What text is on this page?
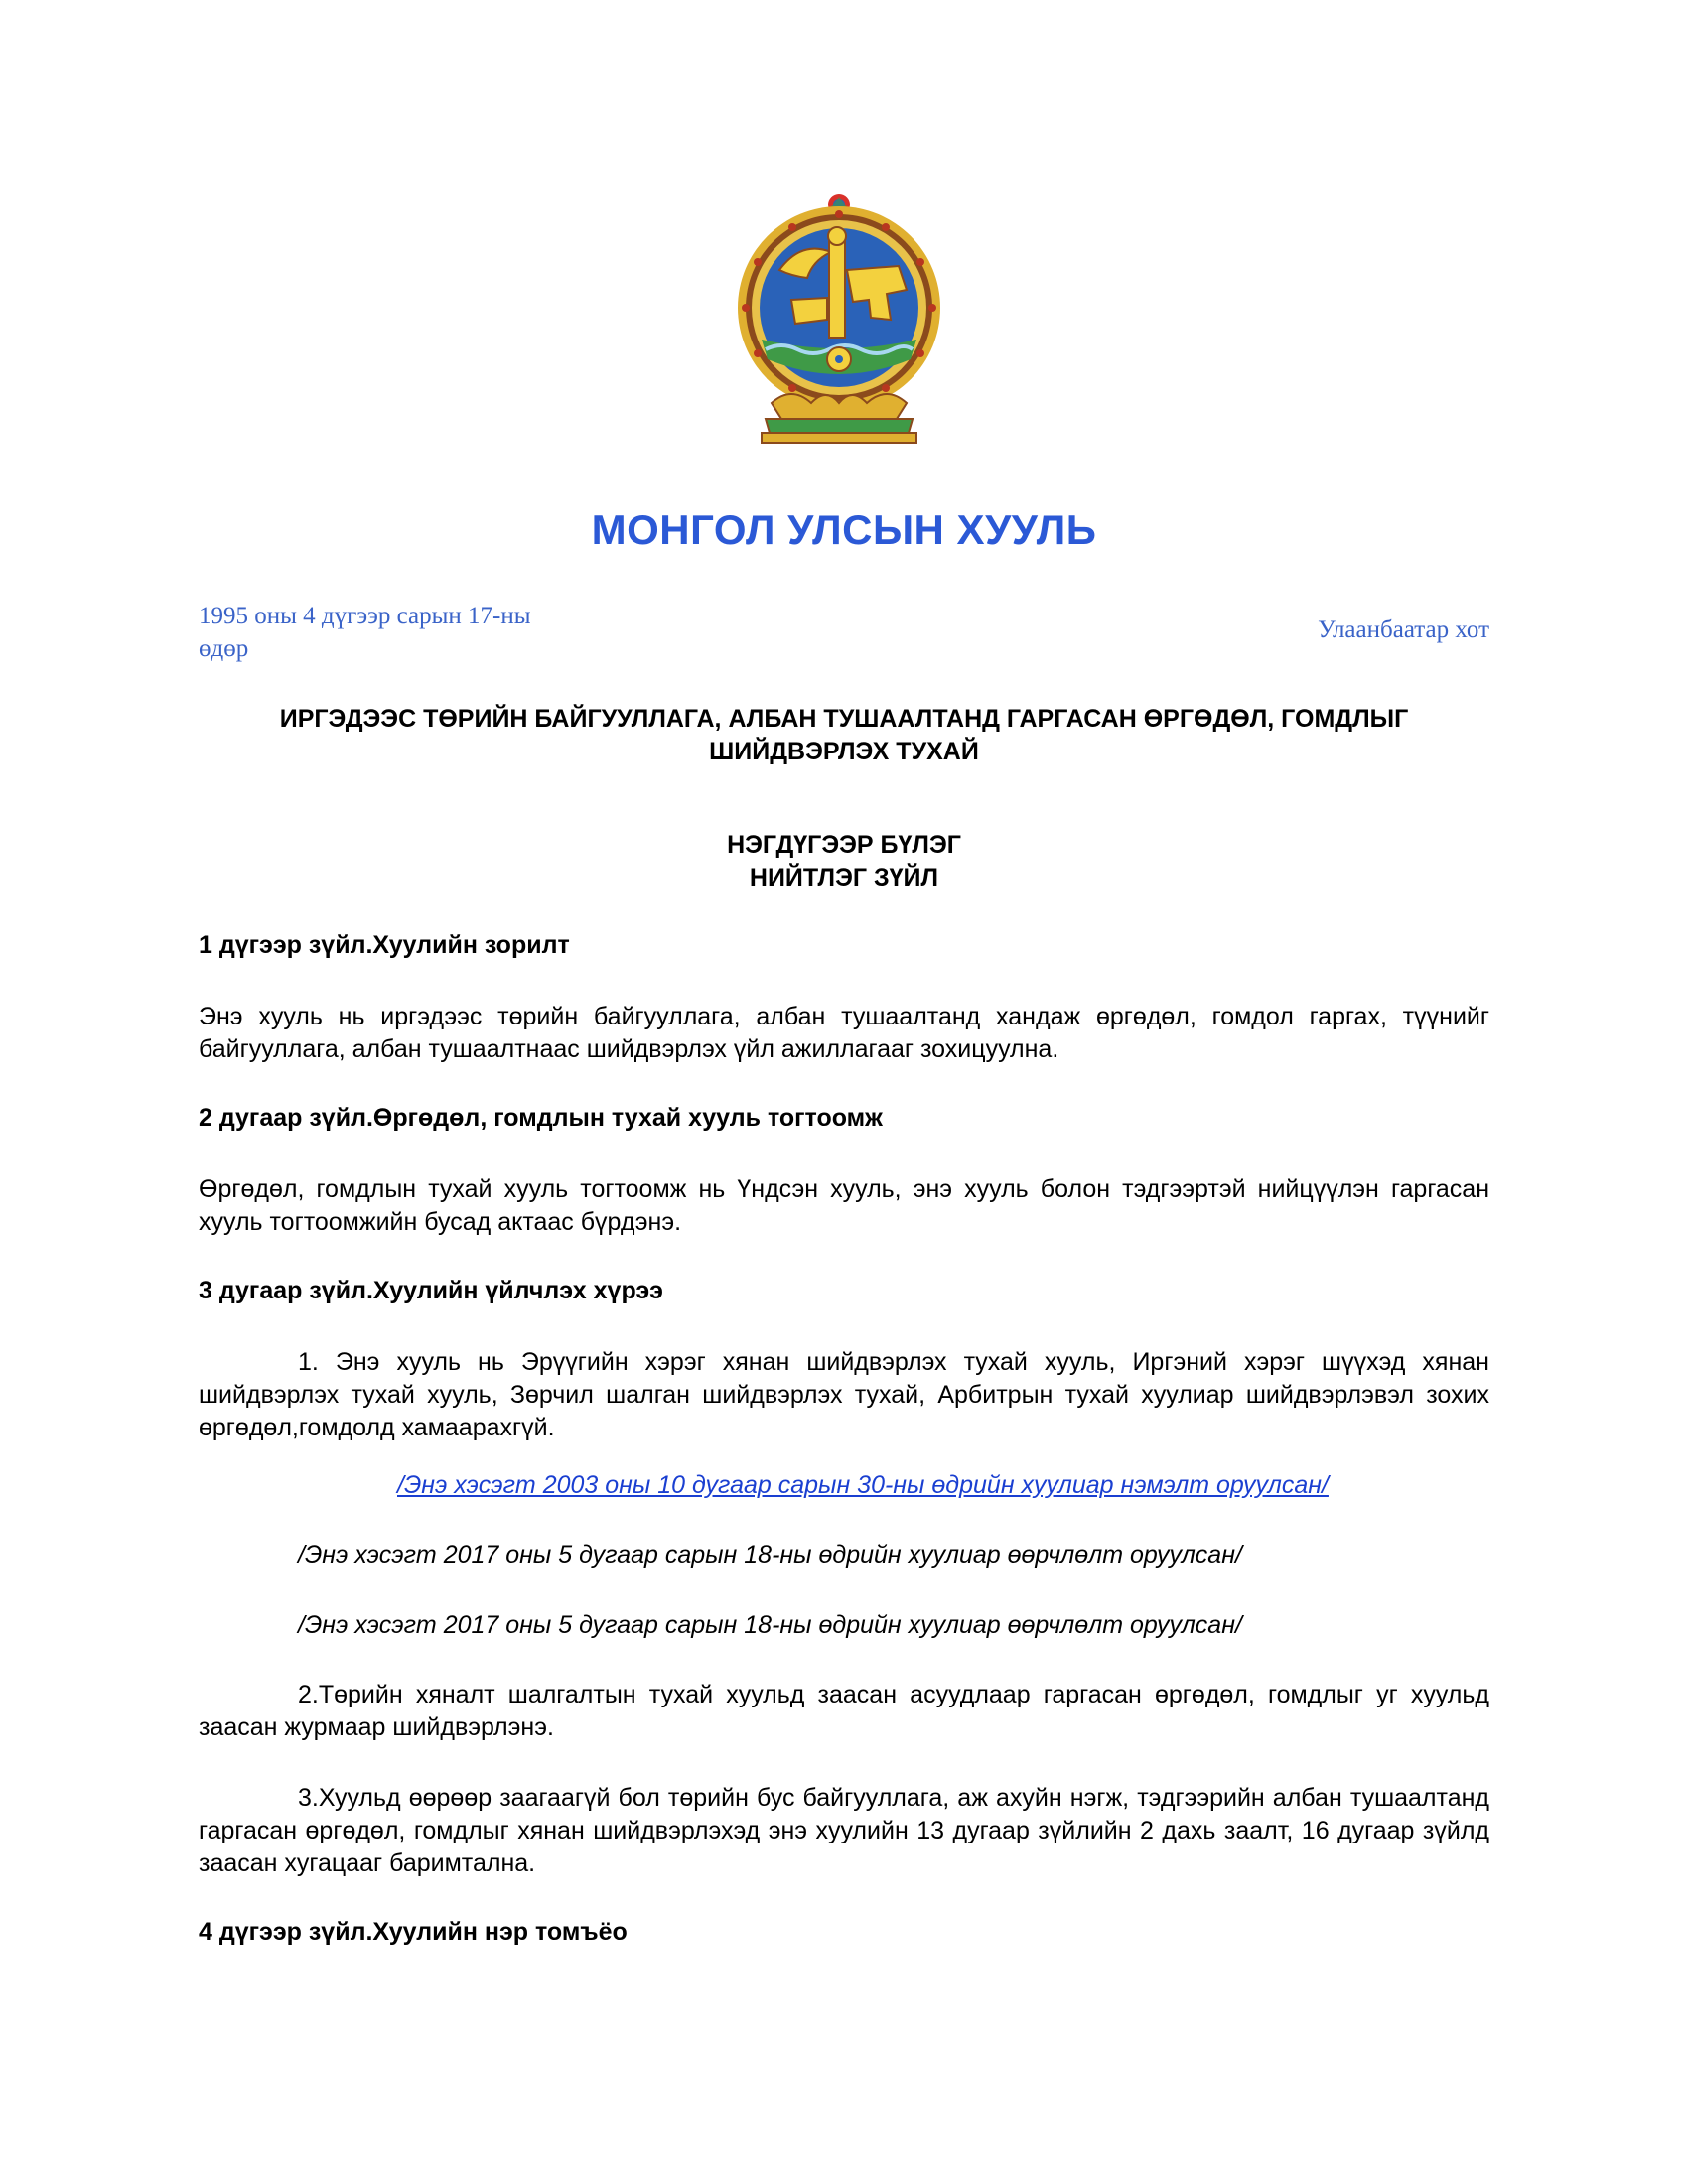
МОНГОЛ УЛСЫН ХУУЛЬ
1995 оны 4 дүгээр сарын 17-ны
өдөр
Улаанбаатар хот
ИРГЭДЭЭС ТӨРИЙН БАЙГУУЛЛАГА, АЛБАН ТУШААЛТАНД ГАРГАСАН ӨРГӨДӨЛ, ГОМДЛЫГ
ШИЙДВЭРЛЭХ ТУХАЙ
НЭГДҮГЭЭР БҮЛЭГ
НИЙТЛЭГ ЗҮЙЛ
1 дүгээр зүйл.Хуулийн зорилт
Энэ хууль нь иргэдээс төрийн байгууллага, албан тушаалтанд хандаж өргөдөл, гомдол гаргах, түүнийг байгууллага, албан тушаалтнаас шийдвэрлэх үйл ажиллагааг зохицуулна.
2 дугаар зүйл.Өргөдөл, гомдлын тухай хууль тогтоомж
Өргөдөл, гомдлын тухай хууль тогтоомж нь Үндсэн хууль, энэ хууль болон тэдгээртэй нийцүүлэн гаргасан хууль тогтоомжийн бусад актаас бүрдэнэ.
3 дугаар зүйл.Хуулийн үйлчлэх хүрээ
1. Энэ хууль нь Эрүүгийн хэрэг хянан шийдвэрлэх тухай хууль, Иргэний хэрэг шүүхэд хянан шийдвэрлэх тухай хууль, Зөрчил шалган шийдвэрлэх тухай, Арбитрын тухай хуулиар шийдвэрлэвэл зохих өргөдөл,гомдолд хамаарахгүй.
/Энэ хэсэгт 2003 оны 10 дугаар сарын 30-ны өдрийн хуулиар нэмэлт оруулсан/
/Энэ хэсэгт 2017 оны 5 дугаар сарын 18-ны өдрийн хуулиар өөрчлөлт оруулсан/
/Энэ хэсэгт 2017 оны 5 дугаар сарын 18-ны өдрийн хуулиар өөрчлөлт оруулсан/
2.Төрийн хяналт шалгалтын тухай хуульд заасан асуудлаар гаргасан өргөдөл, гомдлыг уг хуульд заасан журмаар шийдвэрлэнэ.
3.Хуульд өөрөөр заагаагүй бол төрийн бус байгууллага, аж ахуйн нэгж, тэдгээрийн албан тушаалтанд гаргасан өргөдөл, гомдлыг хянан шийдвэрлэхэд энэ хуулийн 13 дугаар зүйлийн 2 дахь заалт, 16 дугаар зүйлд заасан хугацааг баримтална.
4 дүгээр зүйл.Хуулийн нэр томъёо
